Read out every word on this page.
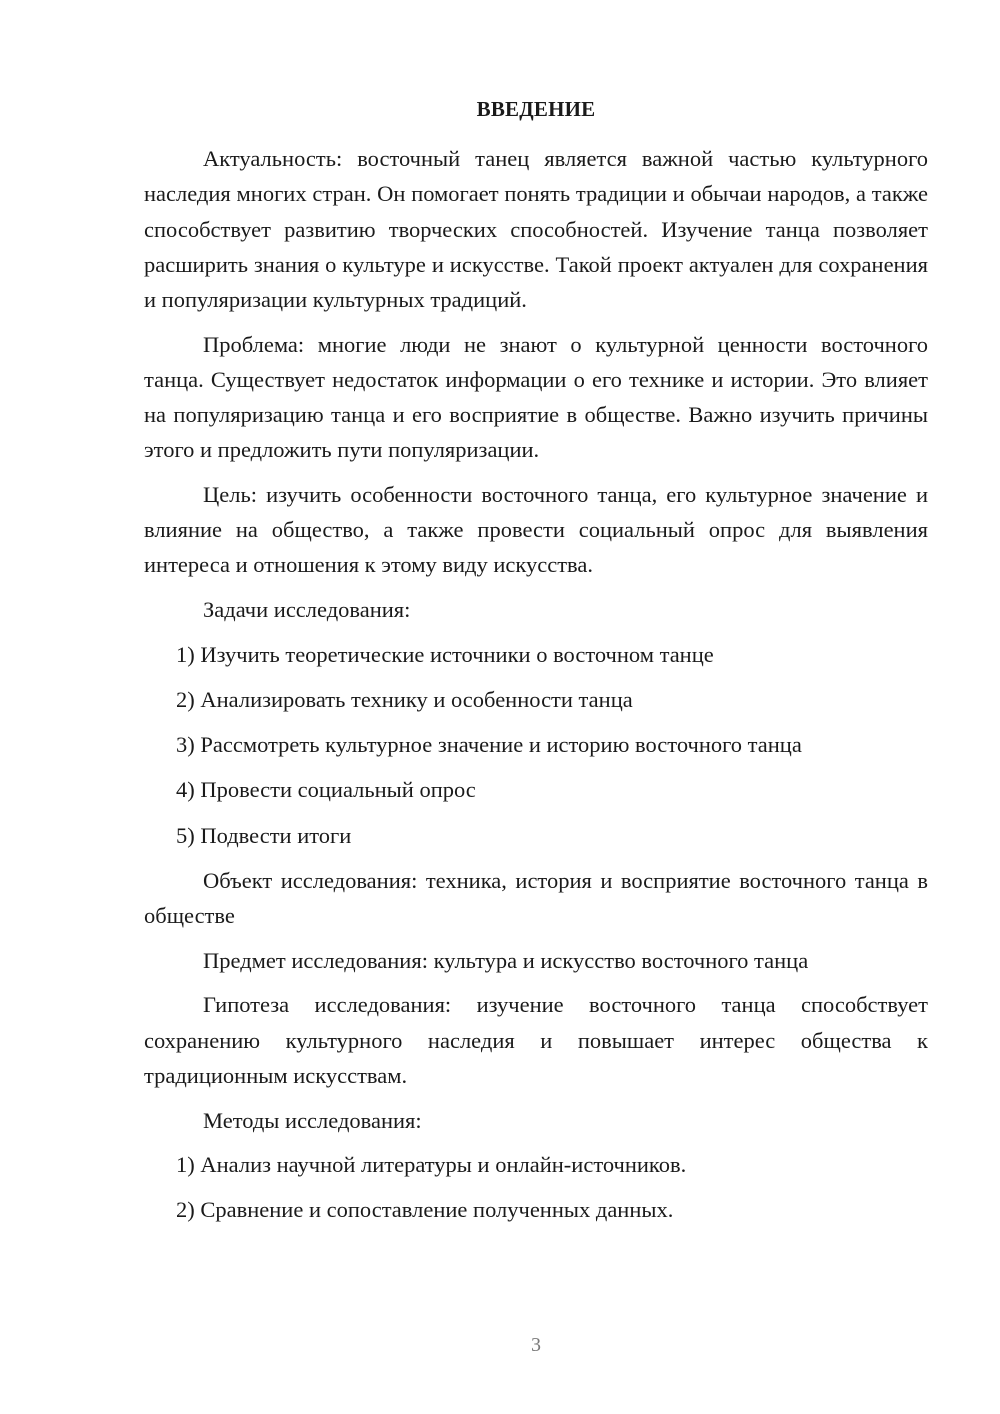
ВВЕДЕНИЕ

Актуальность: восточный танец является важной частью культурного наследия многих стран. Он помогает понять традиции и обычаи народов, а также способствует развитию творческих способностей. Изучение танца позволяет расширить знания о культуре и искусстве. Такой проект актуален для сохранения и популяризации культурных традиций.

Проблема: многие люди не знают о культурной ценности восточного танца. Существует недостаток информации о его технике и истории. Это влияет на популяризацию танца и его восприятие в обществе. Важно изучить причины этого и предложить пути популяризации.

Цель: изучить особенности восточного танца, его культурное значение и влияние на общество, а также провести социальный опрос для выявления интереса и отношения к этому виду искусства.

Задачи исследования:

1) Изучить теоретические источники о восточном танце
2) Анализировать технику и особенности танца
3) Рассмотреть культурное значение и историю восточного танца
4) Провести социальный опрос
5) Подвести итоги

Объект исследования: техника, история и восприятие восточного танца в обществе

Предмет исследования: культура и искусство восточного танца

Гипотеза исследования: изучение восточного танца способствует сохранению культурного наследия и повышает интерес общества к традиционным искусствам.

Методы исследования:

1) Анализ научной литературы и онлайн-источников.
2) Сравнение и сопоставление полученных данных.
3
